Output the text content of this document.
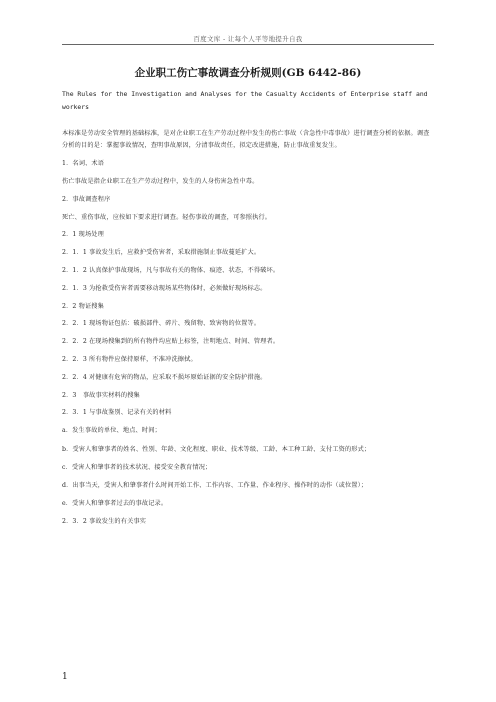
百度文库 - 让每个人平等地提升自我
企业职工伤亡事故调查分析规则(GB 6442-86)
The Rules for the Investigation and Analyses for the Casualty Accidents of Enterprise staff and workers

本标准是劳动安全管理的基础标准，是对企业职工在生产劳动过程中发生的伤亡事故（含急性中毒事故）进行调查分析的依据。调查分析的目的是：掌握事故情况，查明事故原因，分清事故责任，拟定改进措施，防止事故重复发生。

1．名词、术语

伤亡事故是指企业职工在生产劳动过程中，发生的人身伤害急性中毒。

2．事故调查程序

死亡、重伤事故，应按如下要求进行调查。轻伤事故的调查，可参照执行。

2．1 现场处理

2．1．1 事故发生后，应救护受伤害者，采取措施制止事故蔓延扩大。

2．1．2 认真保护事故现场，凡与事故有关的物体、痕迹、状态，不得破坏。

2．1．3 为抢救受伤害者需要移动现场某些物体时，必须做好现场标志。

2．2 物证搜集

2．2．1 现场物证包括：破损部件、碎片、残留物、致害物的位置等。

2．2．2 在现场搜集到的所有物件均应贴上标签，注明地点、时间、管理者。

2．2．3 所有物件应保持原样，不准冲洗擦拭。

2．2．4 对健康有危害的物品，应采取不损坏原始证据的安全防护措施。

2．3　事故事实材料的搜集

2．3．1 与事故鉴别、记录有关的材料

a．发生事故的单位、地点、时间；

b．受害人和肇事者的姓名、性别、年龄、文化程度、职业、技术等级、工龄、本工种工龄、支付工资的形式；

c．受害人和肇事者的技术状况、接受安全教育情况；

d．出事当天，受害人和肇事者什么时间开始工作、工作内容、工作量、作业程序、操作时的动作（或位置）；

e．受害人和肇事者过去的事故记录。

2．3．2 事故发生的有关事实

1
